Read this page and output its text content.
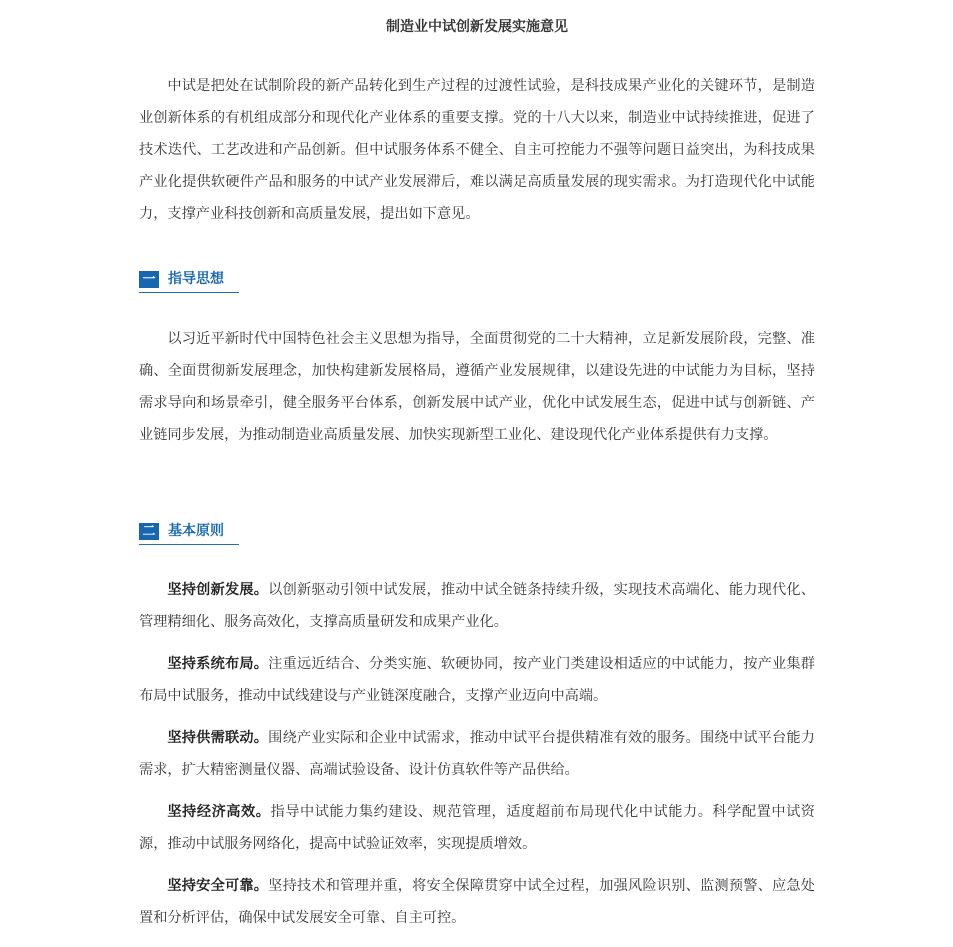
制造业中试创新发展实施意见

中试是把处在试制阶段的新产品转化到生产过程的过渡性试验，是科技成果产业化的关键环节，是制造业创新体系的有机组成部分和现代化产业体系的重要支撑。党的十八大以来，制造业中试持续推进，促进了技术迭代、工艺改进和产品创新。但中试服务体系不健全、自主可控能力不强等问题日益突出，为科技成果产业化提供软硬件产品和服务的中试产业发展滞后，难以满足高质量发展的现实需求。为打造现代化中试能力，支撑产业科技创新和高质量发展，提出如下意见。

一 指导思想

以习近平新时代中国特色社会主义思想为指导，全面贯彻党的二十大精神，立足新发展阶段，完整、准确、全面贯彻新发展理念，加快构建新发展格局，遵循产业发展规律，以建设先进的中试能力为目标，坚持需求导向和场景牵引，健全服务平台体系，创新发展中试产业，优化中试发展生态，促进中试与创新链、产业链同步发展，为推动制造业高质量发展、加快实现新型工业化、建设现代化产业体系提供有力支撑。

二 基本原则

坚持创新发展。以创新驱动引领中试发展，推动中试全链条持续升级，实现技术高端化、能力现代化、管理精细化、服务高效化，支撑高质量研发和成果产业化。

坚持系统布局。注重远近结合、分类实施、软硬协同，按产业门类建设相适应的中试能力，按产业集群布局中试服务，推动中试线建设与产业链深度融合，支撑产业迈向中高端。

坚持供需联动。围绕产业实际和企业中试需求，推动中试平台提供精准有效的服务。围绕中试平台能力需求，扩大精密测量仪器、高端试验设备、设计仿真软件等产品供给。

坚持经济高效。指导中试能力集约建设、规范管理，适度超前布局现代化中试能力。科学配置中试资源，推动中试服务网络化，提高中试验证效率，实现提质增效。

坚持安全可靠。坚持技术和管理并重，将安全保障贯穿中试全过程，加强风险识别、监测预警、应急处置和分析评估，确保中试发展安全可靠、自主可控。
